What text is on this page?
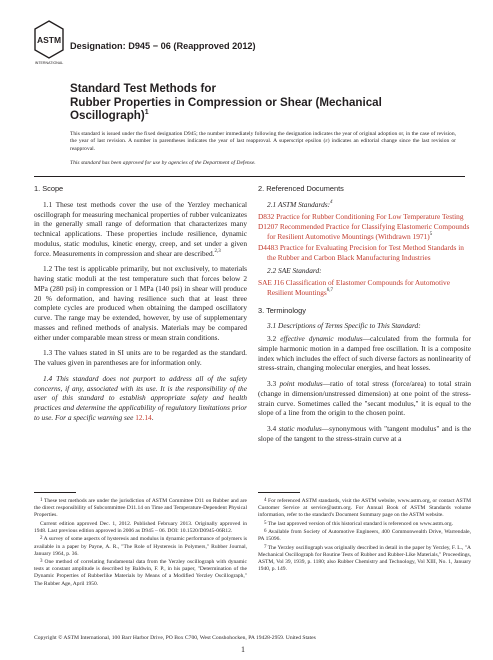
ASTM
INTERNATIONAL
Designation: D945 − 06 (Reapproved 2012)
Standard Test Methods for
Rubber Properties in Compression or Shear (Mechanical
Oscillograph)$^1$
This standard is issued under the fixed designation D945; the number immediately following the designation indicates the year of original adoption or, in the case of revision, the year of last revision. A number in parentheses indicates the year of last reapproval. A superscript epsilon (ε) indicates an editorial change since the last revision or reapproval.
This standard has been approved for use by agencies of the Department of Defense.
1. Scope

1.1 These test methods cover the use of the Yerzley mechanical oscillograph for measuring mechanical properties of rubber vulcanizates in the generally small range of deformation that characterizes many technical applications. These properties include resilience, dynamic modulus, static modulus, kinetic energy, creep, and set under a given force. Measurements in compression and shear are described.$^{2,3}$

1.2 The test is applicable primarily, but not exclusively, to materials having static moduli at the test temperature such that forces below 2 MPa (280 psi) in compression or 1 MPa (140 psi) in shear will produce 20 % deformation, and having resilience such that at least three complete cycles are produced when obtaining the damped oscillatory curve. The range may be extended, however, by use of supplementary masses and refined methods of analysis. Materials may be compared either under comparable mean stress or mean strain conditions.

1.3 The values stated in SI units are to be regarded as the standard. The values given in parentheses are for information only.

1.4 This standard does not purport to address all of the safety concerns, if any, associated with its use. It is the responsibility of the user of this standard to establish appropriate safety and health practices and determine the applicability of regulatory limitations prior to use. For a specific warning see 12.14.

2. Referenced Documents

2.1 ASTM Standards:$^4$

D832 Practice for Rubber Conditioning For Low Temperature Testing

D1207 Recommended Practice for Classifying Elastomeric Compounds for Resilient Automotive Mountings (Withdrawn 1971)$^5$

D4483 Practice for Evaluating Precision for Test Method Standards in the Rubber and Carbon Black Manufacturing Industries

2.2 SAE Standard:

SAE J16 Classification of Elastomer Compounds for Automotive Resilient Mountings$^{6,7}$

3. Terminology

3.1 Descriptions of Terms Specific to This Standard:

3.2 effective dynamic modulus—calculated from the formula for simple harmonic motion in a damped free oscillation. It is a composite index which includes the effect of such diverse factors as nonlinearity of stress-strain, changing molecular energies, and heat losses.

3.3 point modulus—ratio of total stress (force/area) to total strain (change in dimension/unstressed dimension) at one point of the stress-strain curve. Sometimes called the "secant modulus," it is equal to the slope of a line from the origin to the chosen point.

3.4 static modulus—synonymous with "tangent modulus" and is the slope of the tangent to the stress-strain curve at a

$^1$ These test methods are under the jurisdiction of ASTM Committee D11 on Rubber and are the direct responsibility of Subcommittee D11.14 on Time and Temperature-Dependent Physical Properties.

Current edition approved Dec. 1, 2012. Published February 2013. Originally approved in 1948. Last previous edition approved in 2006 as D945 – 06. DOI: 10.1520/D0945-06R12.

$^2$ A survey of some aspects of hysteresis and modulus in dynamic performance of polymers is available in a paper by Payne, A. R., "The Role of Hysteresis in Polymers," Rubber Journal, January 1964, p. 36.

$^3$ One method of correlating fundamental data from the Yerzley oscillograph with dynamic tests at constant amplitude is described by Baldwin, F. P., in his paper, "Determination of the Dynamic Properties of Rubberlike Materials by Means of a Modified Yerzley Oscillograph," The Rubber Age, April 1950.

$^4$ For referenced ASTM standards, visit the ASTM website, www.astm.org, or contact ASTM Customer Service at service@astm.org. For Annual Book of ASTM Standards volume information, refer to the standard's Document Summary page on the ASTM website.

$^5$ The last approved version of this historical standard is referenced on www.astm.org.

$^6$ Available from Society of Automotive Engineers, 400 Commonwealth Drive, Warrendale, PA 15096.

$^7$ The Yerzley oscillograph was originally described in detail in the paper by Yerzley, F. L., "A Mechanical Oscillograph for Routine Tests of Rubber and Rubber-Like Materials," Proceedings, ASTM, Vol 39, 1939, p. 1180; also Rubber Chemistry and Technology, Vol XIII, No. 1, January 1940, p. 149.

Copyright © ASTM International, 100 Barr Harbor Drive, PO Box C700, West Conshohocken, PA 19428-2959. United States
1
